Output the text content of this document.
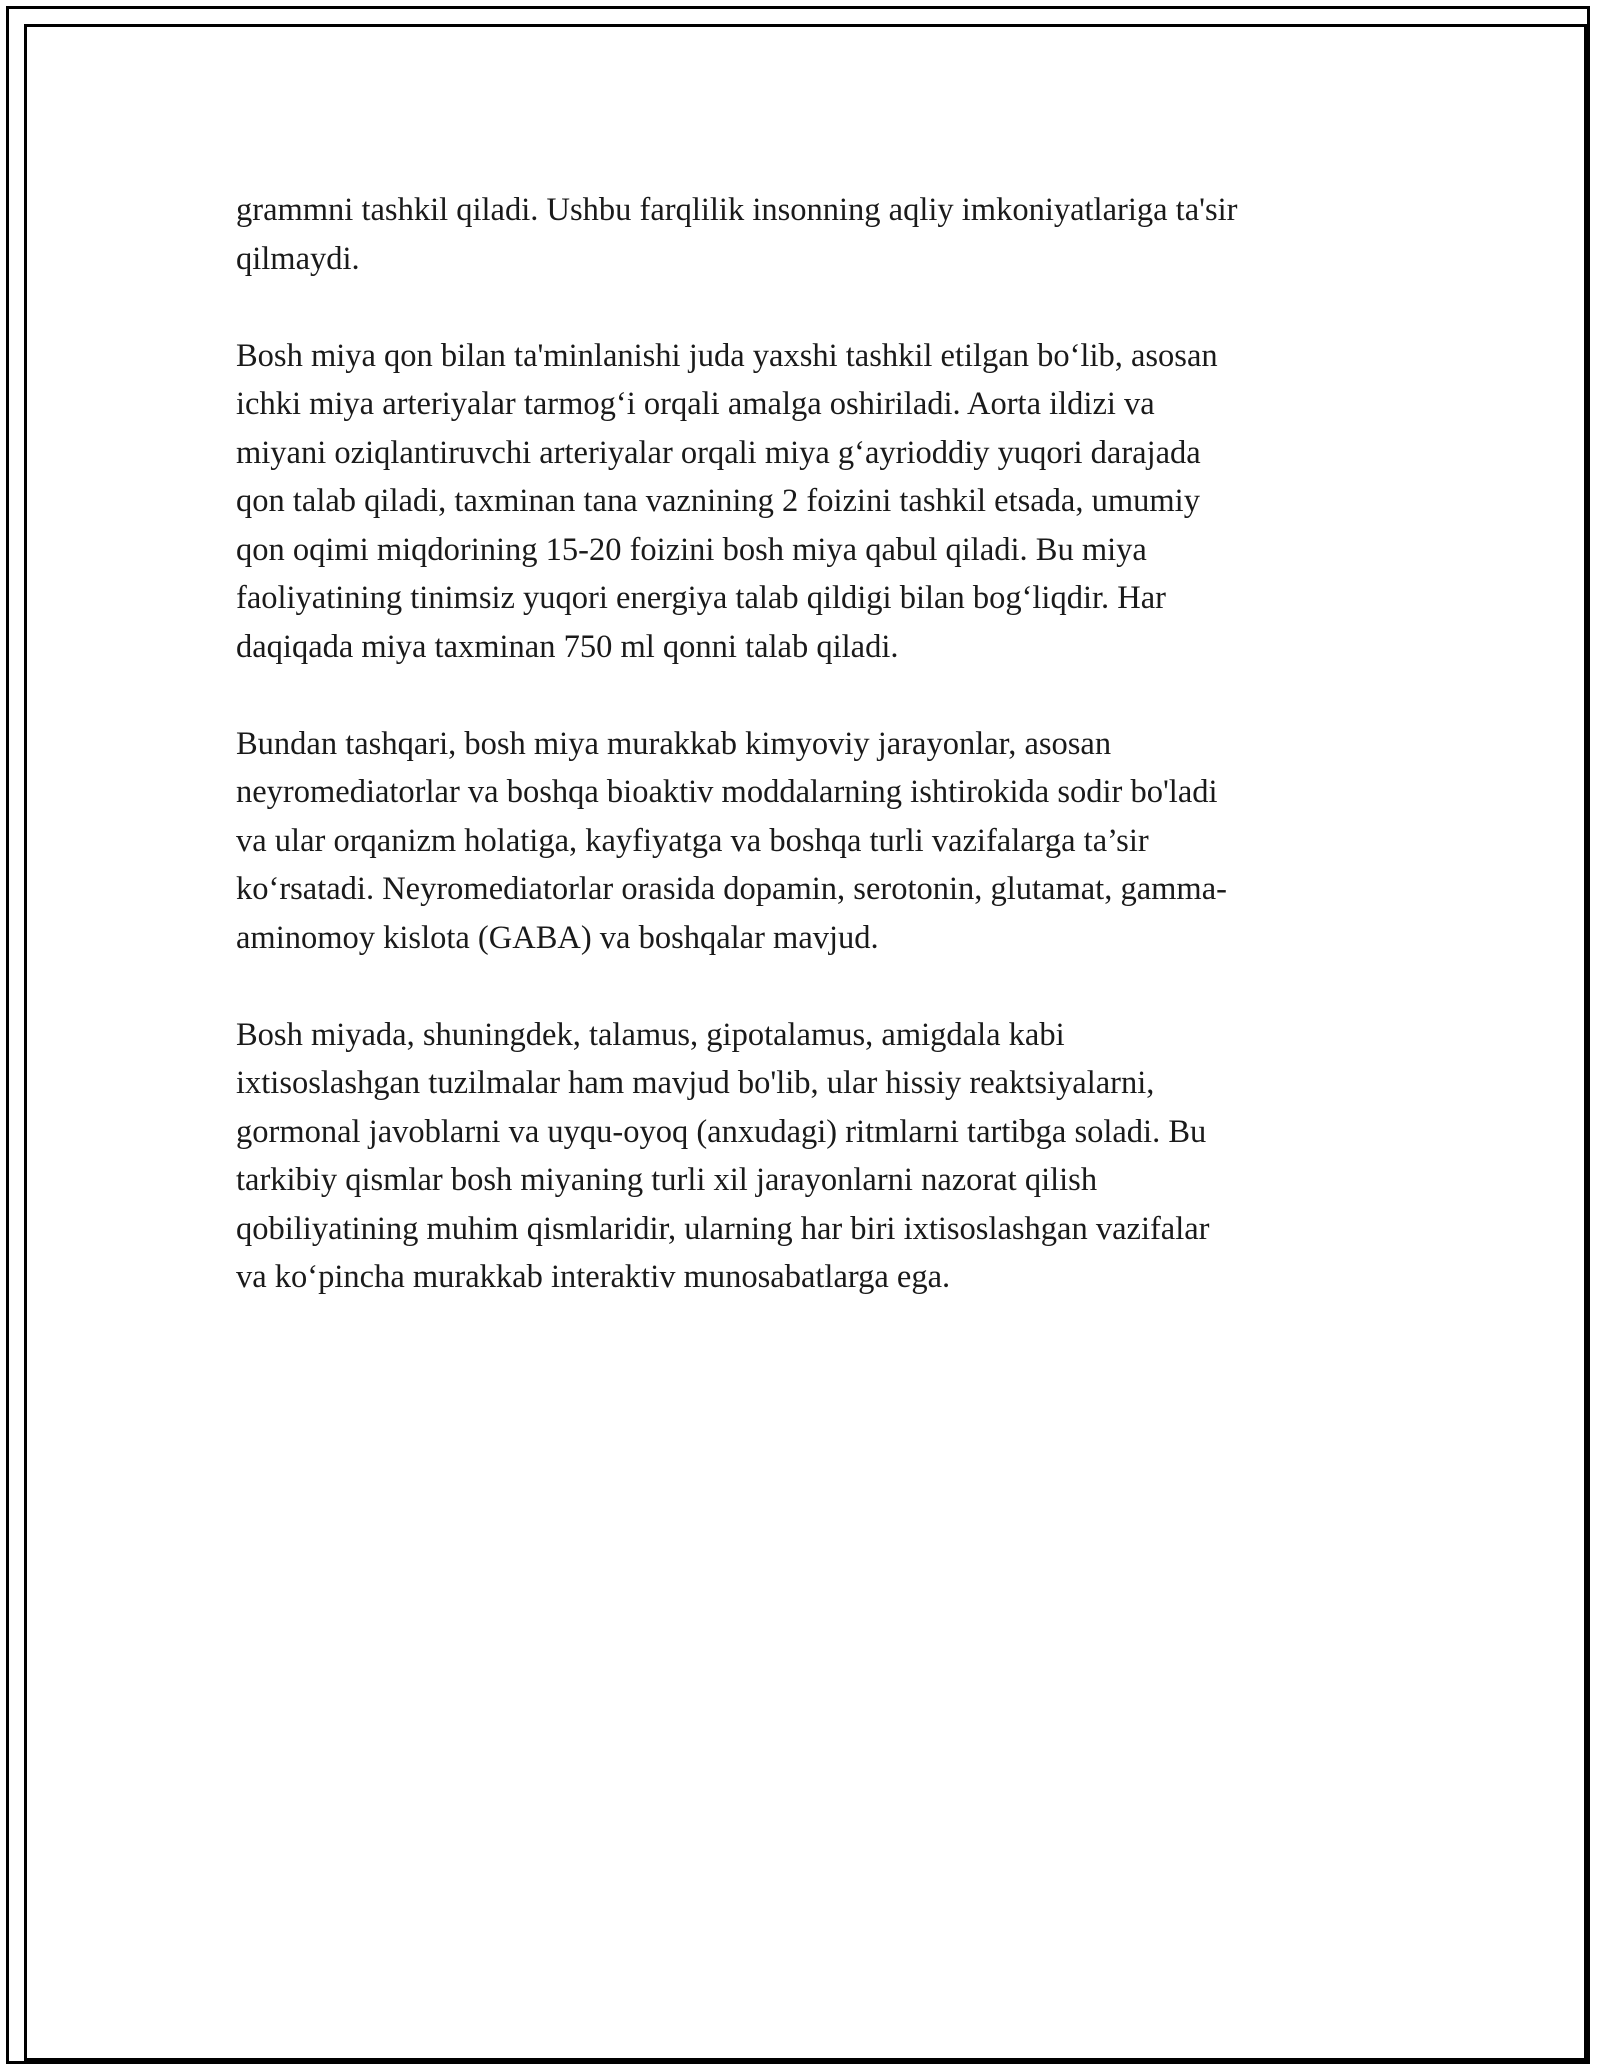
grammni tashkil qiladi. Ushbu farqlilik insonning aqliy imkoniyatlariga ta'sir
qilmaydi.

Bosh miya qon bilan ta'minlanishi juda yaxshi tashkil etilgan bo‘lib, asosan
ichki miya arteriyalar tarmog‘i orqali amalga oshiriladi. Aorta ildizi va
miyani oziqlantiruvchi arteriyalar orqali miya g‘ayrioddiy yuqori darajada
qon talab qiladi, taxminan tana vaznining 2 foizini tashkil etsada, umumiy
qon oqimi miqdorining 15-20 foizini bosh miya qabul qiladi. Bu miya
faoliyatining tinimsiz yuqori energiya talab qildigi bilan bog‘liqdir. Har
daqiqada miya taxminan 750 ml qonni talab qiladi.

Bundan tashqari, bosh miya murakkab kimyoviy jarayonlar, asosan
neyromediatorlar va boshqa bioaktiv moddalarning ishtirokida sodir bo'ladi
va ular orqanizm holatiga, kayfiyatga va boshqa turli vazifalarga ta’sir
ko‘rsatadi. Neyromediatorlar orasida dopamin, serotonin, glutamat, gamma-
aminomoy kislota (GABA) va boshqalar mavjud.

Bosh miyada, shuningdek, talamus, gipotalamus, amigdala kabi
ixtisoslashgan tuzilmalar ham mavjud bo'lib, ular hissiy reaktsiyalarni,
gormonal javoblarni va uyqu-oyoq (anxudagi) ritmlarni tartibga soladi. Bu
tarkibiy qismlar bosh miyaning turli xil jarayonlarni nazorat qilish
qobiliyatining muhim qismlaridir, ularning har biri ixtisoslashgan vazifalar
va ko‘pincha murakkab interaktiv munosabatlarga ega.
